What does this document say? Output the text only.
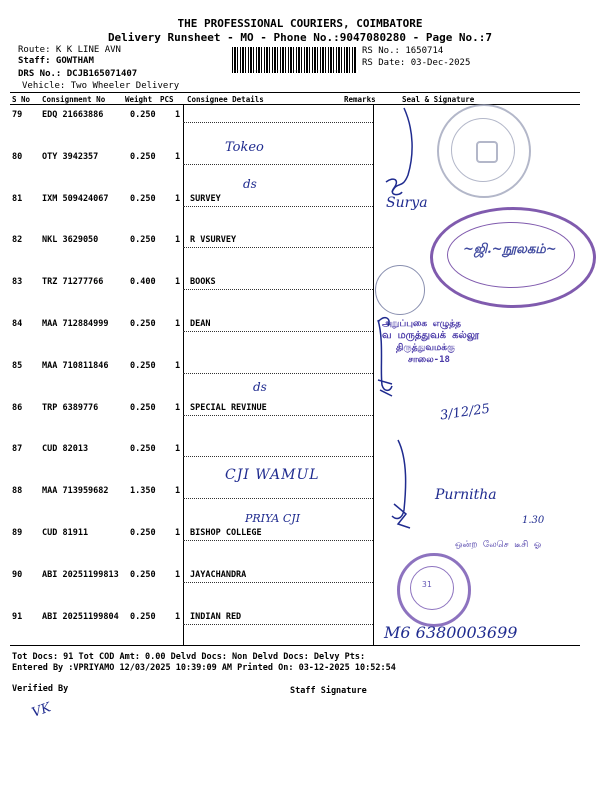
THE PROFESSIONAL COURIERS, COIMBATORE
Delivery Runsheet - MO - Phone No.:9047080280 - Page No.:7
Route: K K LINE AVN
Staff: GOWTHAM
DRS No.: DCJB165071407
Vehicle: Two Wheeler Delivery
RS No.: 1650714
RS Date: 03-Dec-2025
S No Consignment No	Weight PCS Consignee Details	Remarks	Seal & Signature
79 EDQ 21663886	0.250 1
80 OTY 3942357	0.250 1
81 IXM 509424067	0.250 1 SURVEY
82 NKL 3629050	0.250 1 R VSURVEY
83 TRZ 71277766	0.400 1 BOOKS
84 MAA 712884999	0.250 1 DEAN
85 MAA 710811846	0.250 1
86 TRP 6389776	0.250 1 SPECIAL REVINUE
87 CUD 82013	0.250 1
88 MAA 713959682	1.350 1
89 CUD 81911	0.250 1 BISHOP COLLEGE
90 ABI 20251199813 0.250 1 JAYACHANDRA
91 ABI 20251199804 0.250 1 INDIAN RED
~ஜி.~நூலகம்~
அறுப்புகை எழுத்த
வ மருத்துவக் கல்லூ
திருத்துவமக்கு
சாலை-18
31
ஒன்ற லேசெ டீசி ஓ
Tokeo
ds
Surya
ds
3/12/25
CJI WAMUL
PRIYA CJI
Purnitha
1.30
M6 6380003699
Tot Docs: 91 Tot COD Amt: 0.00 Delvd Docs: Non Delvd Docs: Delvy Pts:
Entered By :VPRIYAMO 12/03/2025 10:39:09 AM Printed On: 03-12-2025 10:52:54
Verified By	Staff Signature
VK
